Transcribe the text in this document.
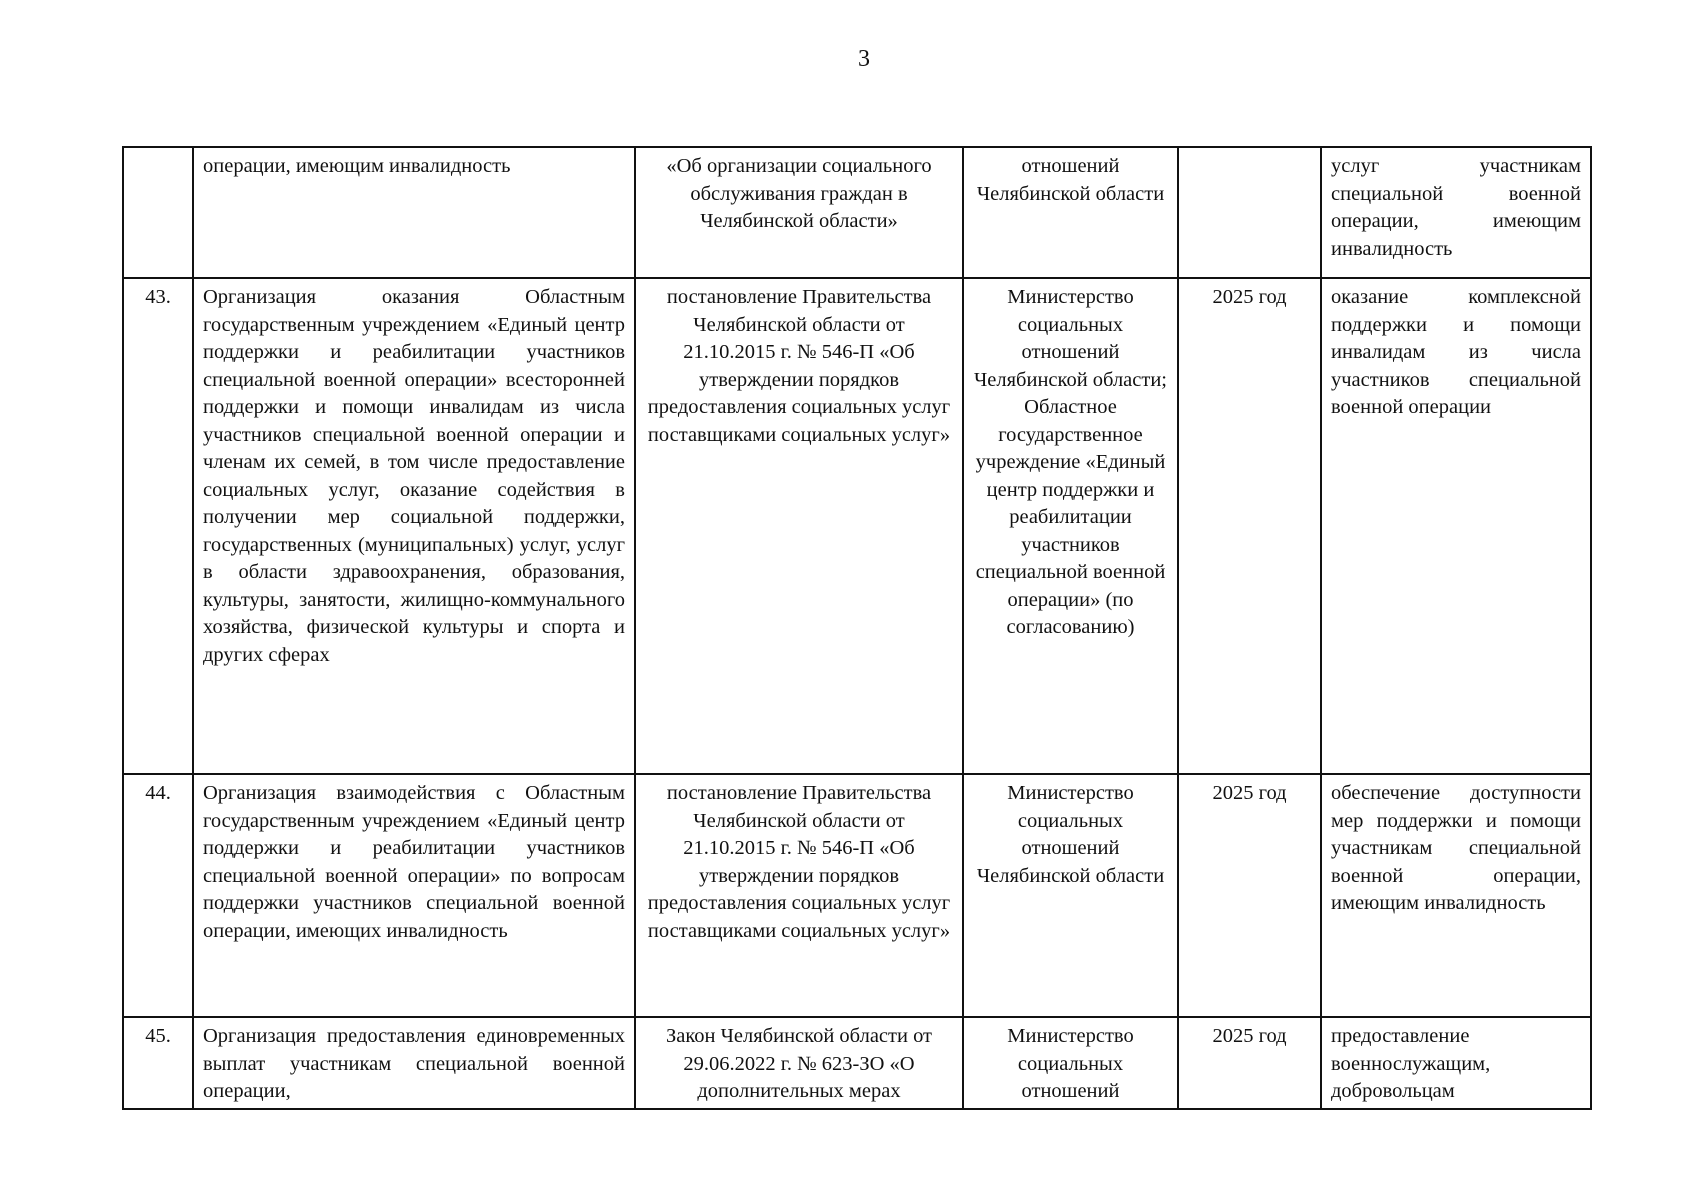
3
	операции, имеющим инвалидность	«Об организации социального обслуживания граждан в Челябинской области»	отношений Челябинской области		услуг участникам специальной военной операции, имеющим инвалидность
43.	Организация оказания Областным государственным учреждением «Единый центр поддержки и реабилитации участников специальной военной операции» всесторонней поддержки и помощи инвалидам из числа участников специальной военной операции и членам их семей, в том числе предоставление социальных услуг, оказание содействия в получении мер социальной поддержки, государственных (муниципальных) услуг, услуг в области здравоохранения, образования, культуры, занятости, жилищно-коммунального хозяйства, физической культуры и спорта и других сферах	постановление Правительства Челябинской области от 21.10.2015 г. № 546-П «Об утверждении порядков предоставления социальных услуг поставщиками социальных услуг»	Министерство социальных отношений Челябинской области; Областное государственное учреждение «Единый центр поддержки и реабилитации участников специальной военной операции» (по согласованию)	2025 год	оказание комплексной поддержки и помощи инвалидам из числа участников специальной военной операции
44.	Организация взаимодействия с Областным государственным учреждением «Единый центр поддержки и реабилитации участников специальной военной операции» по вопросам поддержки участников специальной военной операции, имеющих инвалидность	постановление Правительства Челябинской области от 21.10.2015 г. № 546-П «Об утверждении порядков предоставления социальных услуг поставщиками социальных услуг»	Министерство социальных отношений Челябинской области	2025 год	обеспечение доступности мер поддержки и помощи участникам специальной военной операции, имеющим инвалидность
45.	Организация предоставления единовременных выплат участникам специальной военной операции,	Закон Челябинской области от 29.06.2022 г. № 623-ЗО «О дополнительных мерах	Министерство социальных отношений	2025 год	предоставление военнослужащим, добровольцам
